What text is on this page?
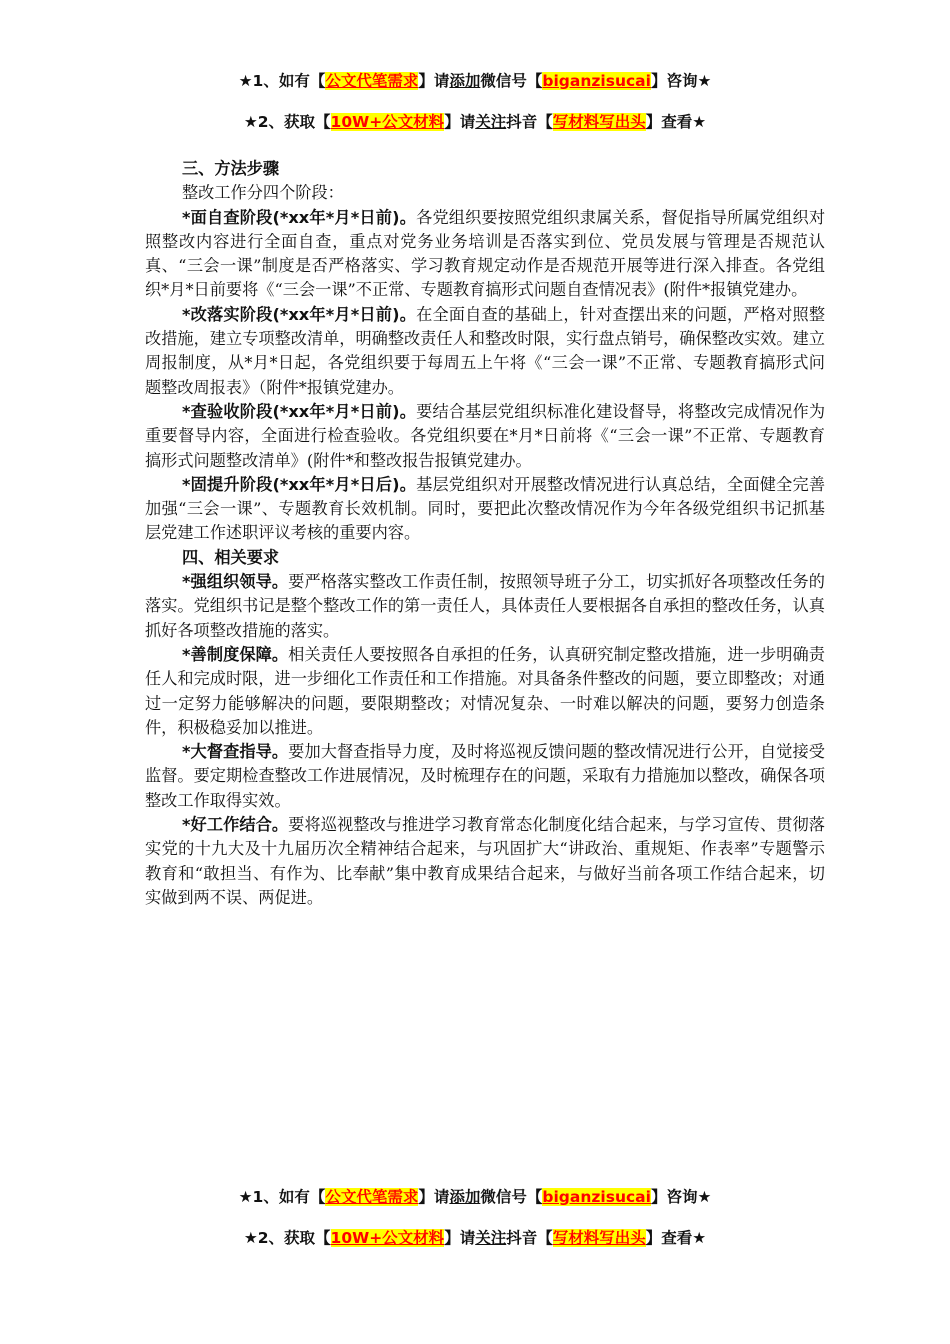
★1、如有【公文代笔需求】请添加微信号【biganzisucai】咨询★
★2、获取【10W+公文材料】请关注抖音【写材料写出头】查看★

三、方法步骤

整改工作分四个阶段：

*面自查阶段(*xx年*月*日前)。各党组织要按照党组织隶属关系，督促指导所属党组织对照整改内容进行全面自查，重点对党务业务培训是否落实到位、党员发展与管理是否规范认真、“三会一课”制度是否严格落实、学习教育规定动作是否规范开展等进行深入排查。各党组织*月*日前要将《“三会一课”不正常、专题教育搞形式问题自查情况表》(附件*报镇党建办。

*改落实阶段(*xx年*月*日前)。在全面自查的基础上，针对查摆出来的问题，严格对照整改措施，建立专项整改清单，明确整改责任人和整改时限，实行盘点销号，确保整改实效。建立周报制度，从*月*日起，各党组织要于每周五上午将《“三会一课”不正常、专题教育搞形式问题整改周报表》（附件*报镇党建办。

*查验收阶段(*xx年*月*日前)。要结合基层党组织标准化建设督导，将整改完成情况作为重要督导内容，全面进行检查验收。各党组织要在*月*日前将《“三会一课”不正常、专题教育搞形式问题整改清单》(附件*和整改报告报镇党建办。

*固提升阶段(*xx年*月*日后)。基层党组织对开展整改情况进行认真总结，全面健全完善加强“三会一课”、专题教育长效机制。同时，要把此次整改情况作为今年各级党组织书记抓基层党建工作述职评议考核的重要内容。

四、相关要求

*强组织领导。要严格落实整改工作责任制，按照领导班子分工，切实抓好各项整改任务的落实。党组织书记是整个整改工作的第一责任人，具体责任人要根据各自承担的整改任务，认真抓好各项整改措施的落实。

*善制度保障。相关责任人要按照各自承担的任务，认真研究制定整改措施，进一步明确责任人和完成时限，进一步细化工作责任和工作措施。对具备条件整改的问题，要立即整改；对通过一定努力能够解决的问题，要限期整改；对情况复杂、一时难以解决的问题，要努力创造条件，积极稳妥加以推进。

*大督查指导。要加大督查指导力度，及时将巡视反馈问题的整改情况进行公开，自觉接受监督。要定期检查整改工作进展情况，及时梳理存在的问题，采取有力措施加以整改，确保各项整改工作取得实效。

*好工作结合。要将巡视整改与推进学习教育常态化制度化结合起来，与学习宣传、贯彻落实党的十九大及十九届历次全精神结合起来，与巩固扩大“讲政治、重规矩、作表率”专题警示教育和“敢担当、有作为、比奉献”集中教育成果结合起来，与做好当前各项工作结合起来，切实做到两不误、两促进。

★1、如有【公文代笔需求】请添加微信号【biganzisucai】咨询★
★2、获取【10W+公文材料】请关注抖音【写材料写出头】查看★
